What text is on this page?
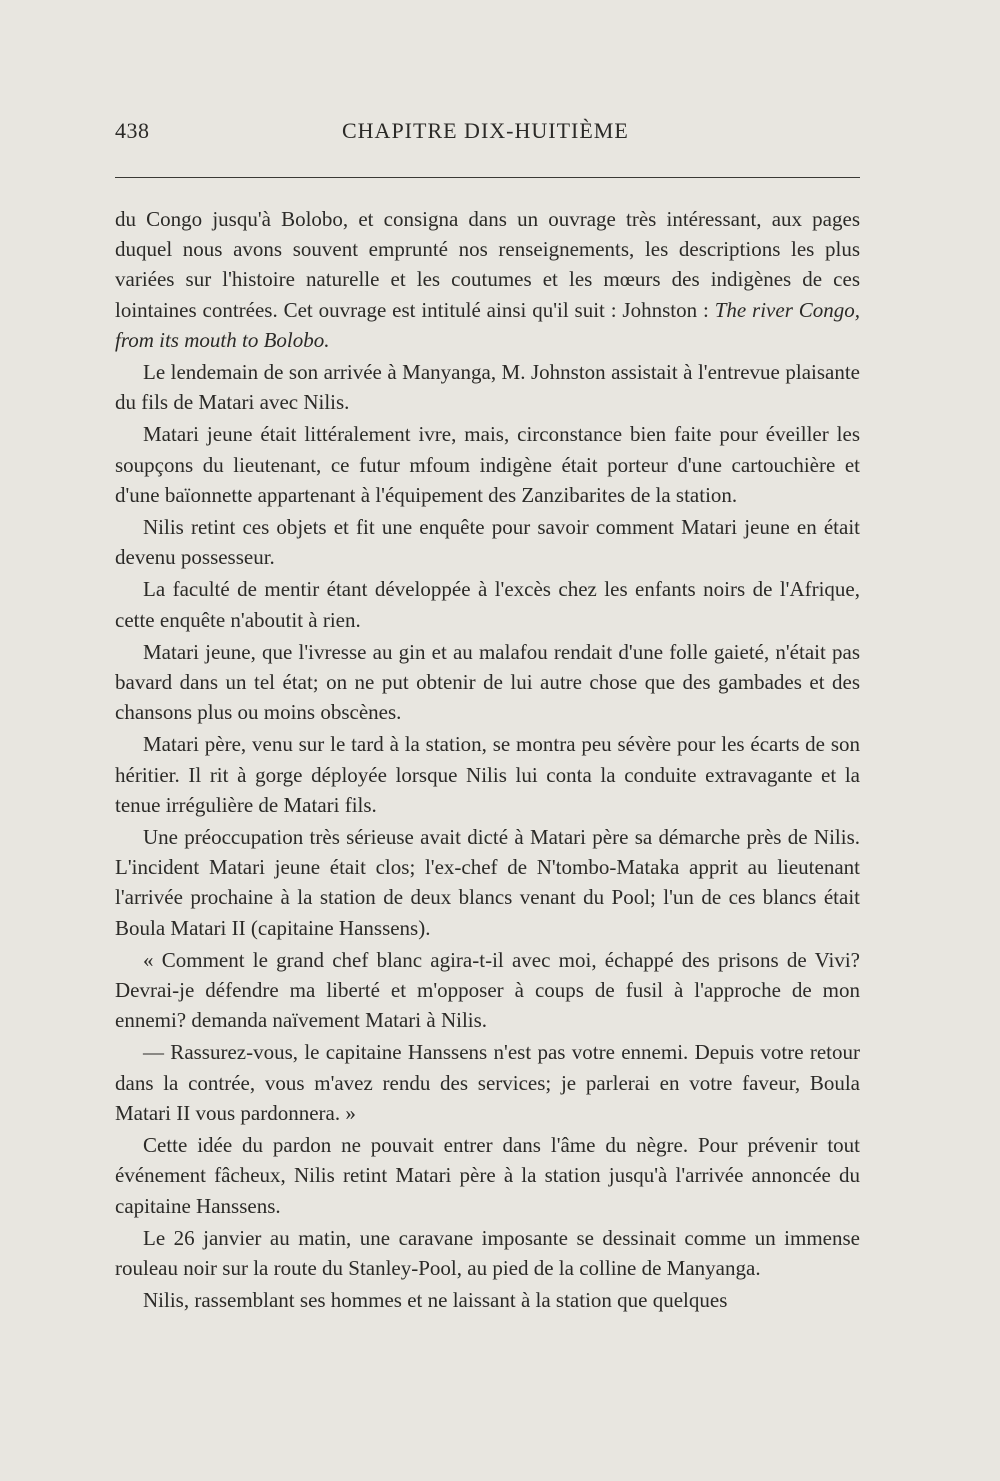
438	CHAPITRE DIX-HUITIÈME

du Congo jusqu'à Bolobo, et consigna dans un ouvrage très intéressant, aux pages duquel nous avons souvent emprunté nos renseignements, les descriptions les plus variées sur l'histoire naturelle et les coutumes et les mœurs des indigènes de ces lointaines contrées. Cet ouvrage est intitulé ainsi qu'il suit : Johnston : The river Congo, from its mouth to Bolobo.

Le lendemain de son arrivée à Manyanga, M. Johnston assistait à l'entrevue plaisante du fils de Matari avec Nilis.

Matari jeune était littéralement ivre, mais, circonstance bien faite pour éveiller les soupçons du lieutenant, ce futur mfoum indigène était porteur d'une cartouchière et d'une baïonnette appartenant à l'équipement des Zanzibarites de la station.

Nilis retint ces objets et fit une enquête pour savoir comment Matari jeune en était devenu possesseur.

La faculté de mentir étant développée à l'excès chez les enfants noirs de l'Afrique, cette enquête n'aboutit à rien.

Matari jeune, que l'ivresse au gin et au malafou rendait d'une folle gaieté, n'était pas bavard dans un tel état; on ne put obtenir de lui autre chose que des gambades et des chansons plus ou moins obscènes.

Matari père, venu sur le tard à la station, se montra peu sévère pour les écarts de son héritier. Il rit à gorge déployée lorsque Nilis lui conta la conduite extravagante et la tenue irrégulière de Matari fils.

Une préoccupation très sérieuse avait dicté à Matari père sa démarche près de Nilis. L'incident Matari jeune était clos; l'ex-chef de N'tombo-Mataka apprit au lieutenant l'arrivée prochaine à la station de deux blancs venant du Pool; l'un de ces blancs était Boula Matari II (capitaine Hanssens).

« Comment le grand chef blanc agira-t-il avec moi, échappé des prisons de Vivi? Devrai-je défendre ma liberté et m'opposer à coups de fusil à l'approche de mon ennemi? demanda naïvement Matari à Nilis.

— Rassurez-vous, le capitaine Hanssens n'est pas votre ennemi. Depuis votre retour dans la contrée, vous m'avez rendu des services; je parlerai en votre faveur, Boula Matari II vous pardonnera. »

Cette idée du pardon ne pouvait entrer dans l'âme du nègre. Pour prévenir tout événement fâcheux, Nilis retint Matari père à la station jusqu'à l'arrivée annoncée du capitaine Hanssens.

Le 26 janvier au matin, une caravane imposante se dessinait comme un immense rouleau noir sur la route du Stanley-Pool, au pied de la colline de Manyanga.

Nilis, rassemblant ses hommes et ne laissant à la station que quelques
